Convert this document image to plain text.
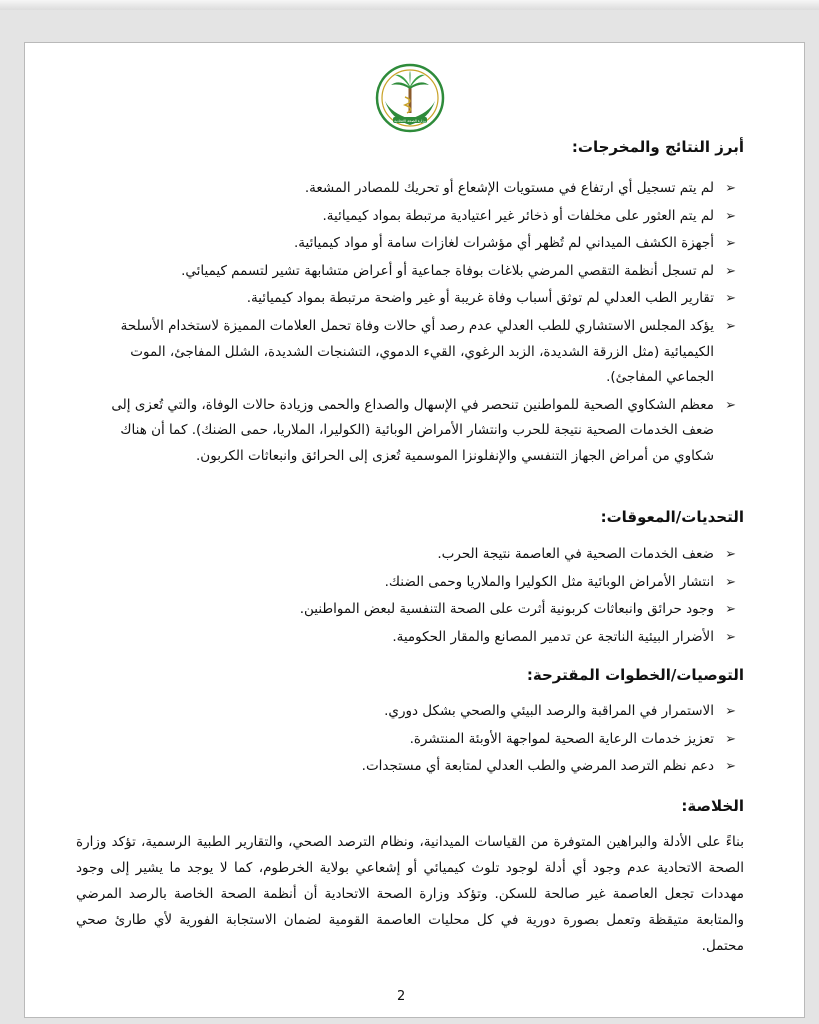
وزارة الصحة الاتحادية
أبرز النتائج والمخرجات:
➢
لم يتم تسجيل أي ارتفاع في مستويات الإشعاع أو تحريك للمصادر المشعة.
➢
لم يتم العثور على مخلفات أو ذخائر غير اعتيادية مرتبطة بمواد كيميائية.
➢
أجهزة الكشف الميداني لم تُظهر أي مؤشرات لغازات سامة أو مواد كيميائية.
➢
لم تسجل أنظمة التقصي المرضي بلاغات بوفاة جماعية أو أعراض متشابهة تشير لتسمم كيميائي.
➢
تقارير الطب العدلي لم توثق أسباب وفاة غريبة أو غير واضحة مرتبطة بمواد كيميائية.
➢
يؤكد المجلس الاستشاري للطب العدلي عدم رصد أي حالات وفاة تحمل العلامات المميزة لاستخدام الأسلحة الكيميائية (مثل الزرقة الشديدة، الزبد الرغوي، القيء الدموي، التشنجات الشديدة، الشلل المفاجئ، الموت الجماعي المفاجئ).
➢
معظم الشكاوي الصحية للمواطنين تنحصر في الإسهال والصداع والحمى وزيادة حالات الوفاة، والتي تُعزى إلى ضعف الخدمات الصحية نتيجة للحرب وانتشار الأمراض الوبائية (الكوليرا، الملاريا، حمى الضنك). كما أن هناك شكاوي من أمراض الجهاز التنفسي والإنفلونزا الموسمية تُعزى إلى الحرائق وانبعاثات الكربون.
التحديات/المعوقات:
➢
ضعف الخدمات الصحية في العاصمة نتيجة الحرب.
➢
انتشار الأمراض الوبائية مثل الكوليرا والملاريا وحمى الضنك.
➢
وجود حرائق وانبعاثات كربونية أثرت على الصحة التنفسية لبعض المواطنين.
➢
الأضرار البيئية الناتجة عن تدمير المصانع والمقار الحكومية.
التوصيات/الخطوات المقترحة:
➢
الاستمرار في المراقبة والرصد البيئي والصحي بشكل دوري.
➢
تعزيز خدمات الرعاية الصحية لمواجهة الأوبئة المنتشرة.
➢
دعم نظم الترصد المرضي والطب العدلي لمتابعة أي مستجدات.
الخلاصة:

بناءً على الأدلة والبراهين المتوفرة من القياسات الميدانية، ونظام الترصد الصحي، والتقارير الطبية الرسمية، تؤكد وزارة الصحة الاتحادية عدم وجود أي أدلة لوجود تلوث كيميائي أو إشعاعي بولاية الخرطوم، كما لا يوجد ما يشير إلى وجود مهددات تجعل العاصمة غير صالحة للسكن. وتؤكد وزارة الصحة الاتحادية أن أنظمة الصحة الخاصة بالرصد المرضي والمتابعة متيقظة وتعمل بصورة دورية في كل محليات العاصمة القومية لضمان الاستجابة الفورية لأي طارئ صحي محتمل.

2
